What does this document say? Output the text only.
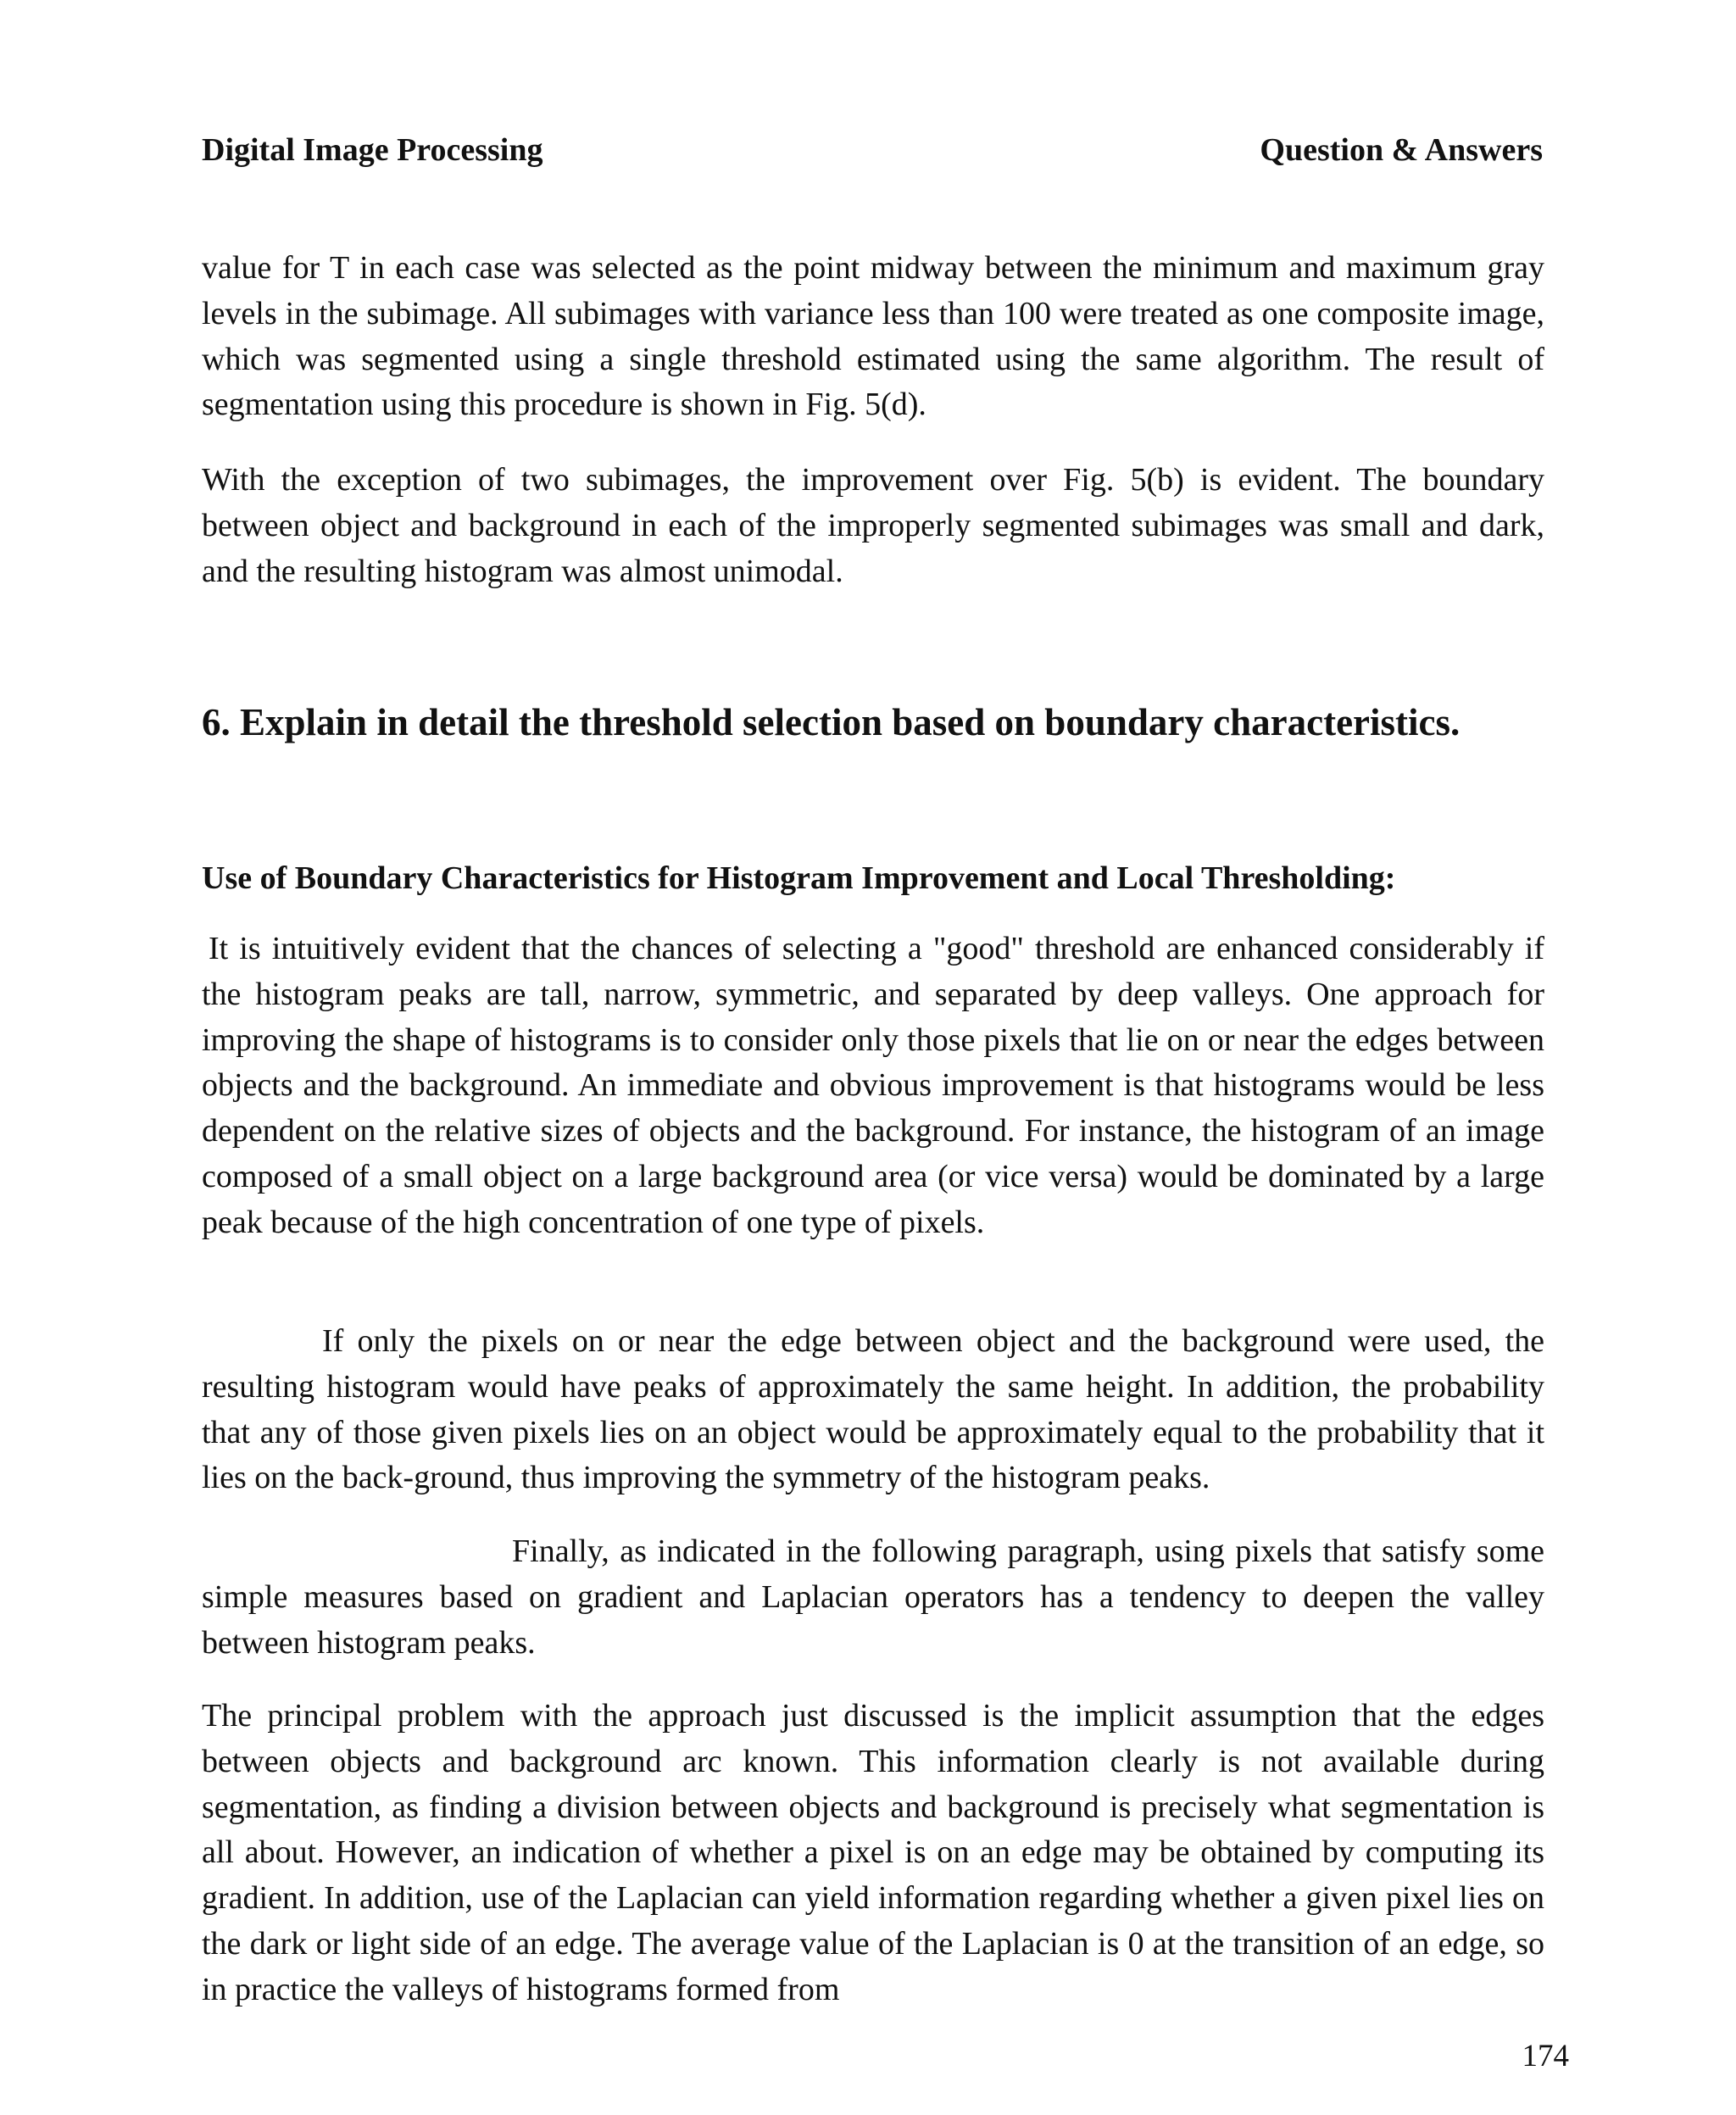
Digital Image Processing	Question & Answers

value for T in each case was selected as the point midway between the minimum and maximum gray levels in the subimage. All subimages with variance less than 100 were treated as one composite image, which was segmented using a single threshold estimated using the same algorithm. The result of segmentation using this procedure is shown in Fig. 5(d).

With the exception of two subimages, the improvement over Fig. 5(b) is evident. The boundary between object and background in each of the improperly segmented subimages was small and dark, and the resulting histogram was almost unimodal.

6. Explain in detail the threshold selection based on boundary characteristics.
Use of Boundary Characteristics for Histogram Improvement and Local Thresholding:

It is intuitively evident that the chances of selecting a "good" threshold are enhanced considerably if the histogram peaks are tall, narrow, symmetric, and separated by deep valleys. One approach for improving the shape of histograms is to consider only those pixels that lie on or near the edges between objects and the background. An immediate and obvious improvement is that histograms would be less dependent on the relative sizes of objects and the background. For instance, the histogram of an image composed of a small object on a large background area (or vice versa) would be dominated by a large peak because of the high concentration of one type of pixels.

If only the pixels on or near the edge between object and the background were used, the resulting histogram would have peaks of approximately the same height. In addition, the probability that any of those given pixels lies on an object would be approximately equal to the probability that it lies on the back-ground, thus improving the symmetry of the histogram peaks.

Finally, as indicated in the following paragraph, using pixels that satisfy some simple measures based on gradient and Laplacian operators has a tendency to deepen the valley between histogram peaks.

The principal problem with the approach just discussed is the implicit assumption that the edges between objects and background arc known. This information clearly is not available during segmentation, as finding a division between objects and background is precisely what segmentation is all about. However, an indication of whether a pixel is on an edge may be obtained by computing its gradient. In addition, use of the Laplacian can yield information regarding whether a given pixel lies on the dark or light side of an edge. The average value of the Laplacian is 0 at the transition of an edge, so in practice the valleys of histograms formed from

174
